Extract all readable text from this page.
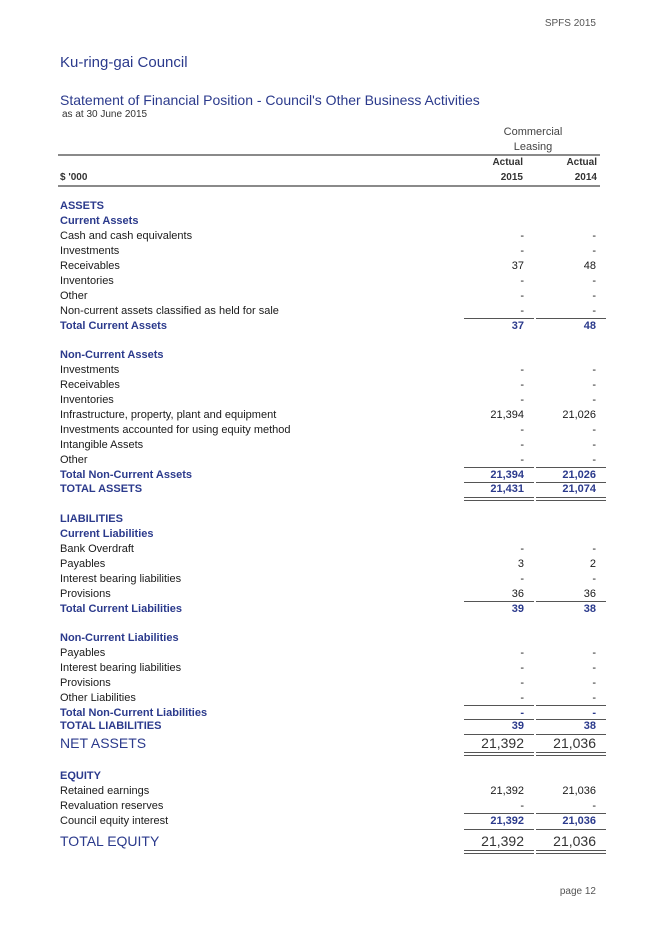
SPFS 2015
Ku-ring-gai Council
Statement of Financial Position - Council's Other Business Activities
as at 30 June 2015
Commercial
Leasing
Actual	Actual
$ '000	2015	2014
ASSETS
Current Assets
Cash and cash equivalents	-	-
Investments	-	-
Receivables	37	48
Inventories	-	-
Other	-	-
Non-current assets classified as held for sale	-	-
Total Current Assets	37	48
Non-Current Assets
Investments	-	-
Receivables	-	-
Inventories	-	-
Infrastructure, property, plant and equipment	21,394	21,026
Investments accounted for using equity method	-	-
Intangible Assets	-	-
Other	-	-
Total Non-Current Assets	21,394	21,026
TOTAL ASSETS	21,431	21,074
LIABILITIES
Current Liabilities
Bank Overdraft	-	-
Payables	3	2
Interest bearing liabilities	-	-
Provisions	36	36
Total Current Liabilities	39	38
Non-Current Liabilities
Payables	-	-
Interest bearing liabilities	-	-
Provisions	-	-
Other Liabilities	-	-
Total Non-Current Liabilities	-	-
TOTAL LIABILITIES	39	38
NET ASSETS	21,392	21,036
EQUITY
Retained earnings	21,392	21,036
Revaluation reserves	-	-
Council equity interest	21,392	21,036
TOTAL EQUITY	21,392	21,036
page 12
